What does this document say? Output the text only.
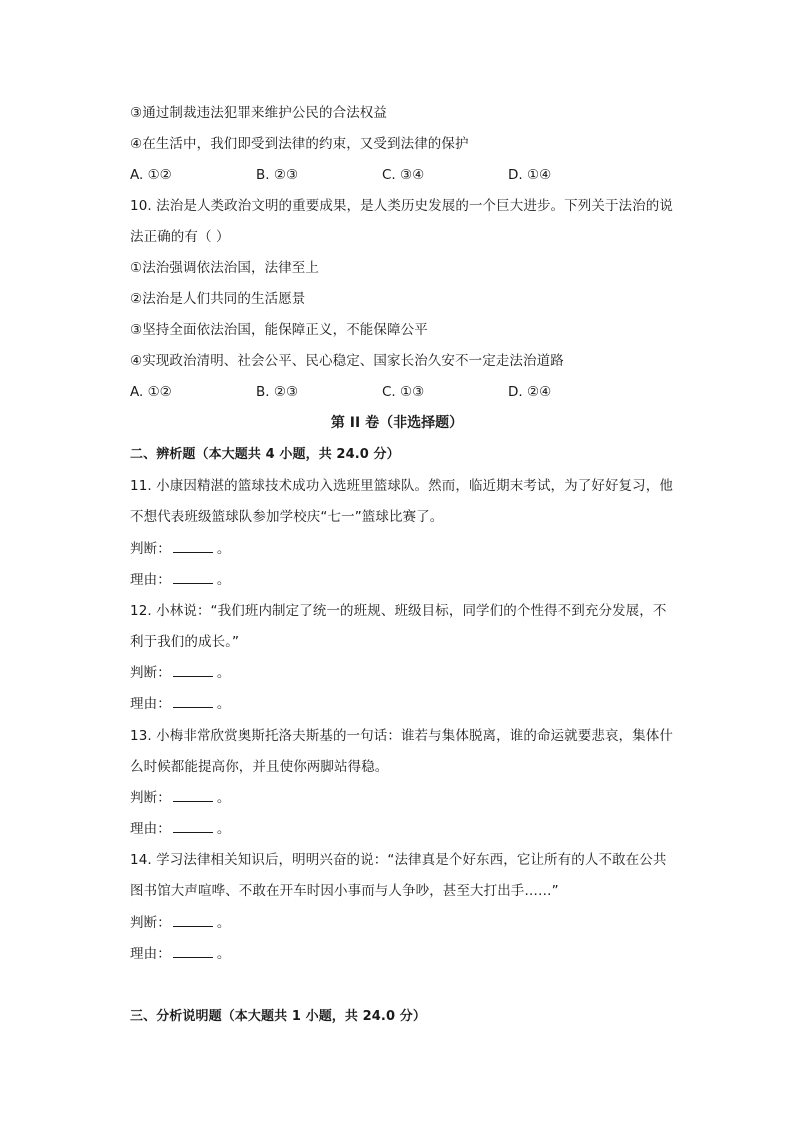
③通过制裁违法犯罪来维护公民的合法权益
④在生活中，我们即受到法律的约束，又受到法律的保护
A. ①②	B. ②③	C. ③④	D. ①④
10. 法治是人类政治文明的重要成果，是人类历史发展的一个巨大进步。下列关于法治的说
法正确的有（ ）
①法治强调依法治国，法律至上
②法治是人们共同的生活愿景
③坚持全面依法治国，能保障正义，不能保障公平
④实现政治清明、社会公平、民心稳定、国家长治久安不一定走法治道路
A. ①②	B. ②③	C. ①③	D. ②④
第 II 卷（非选择题）
二、辨析题（本大题共 4 小题，共 24.0 分）
11. 小康因精湛的篮球技术成功入选班里篮球队。然而，临近期末考试，为了好好复习，他
不想代表班级篮球队参加学校庆“七一”篮球比赛了。
判断：	。
理由：	。
12. 小林说：“我们班内制定了统一的班规、班级目标，同学们的个性得不到充分发展，不
利于我们的成长。”
判断：	。
理由：	。
13. 小梅非常欣赏奥斯托洛夫斯基的一句话：谁若与集体脱离，谁的命运就要悲哀，集体什
么时候都能提高你，并且使你两脚站得稳。
判断：	。
理由：	。
14. 学习法律相关知识后，明明兴奋的说：“法律真是个好东西，它让所有的人不敢在公共
图书馆大声喧哗、不敢在开车时因小事而与人争吵，甚至大打出手……”
判断：	。
理由：	。
三、分析说明题（本大题共 1 小题，共 24.0 分）
